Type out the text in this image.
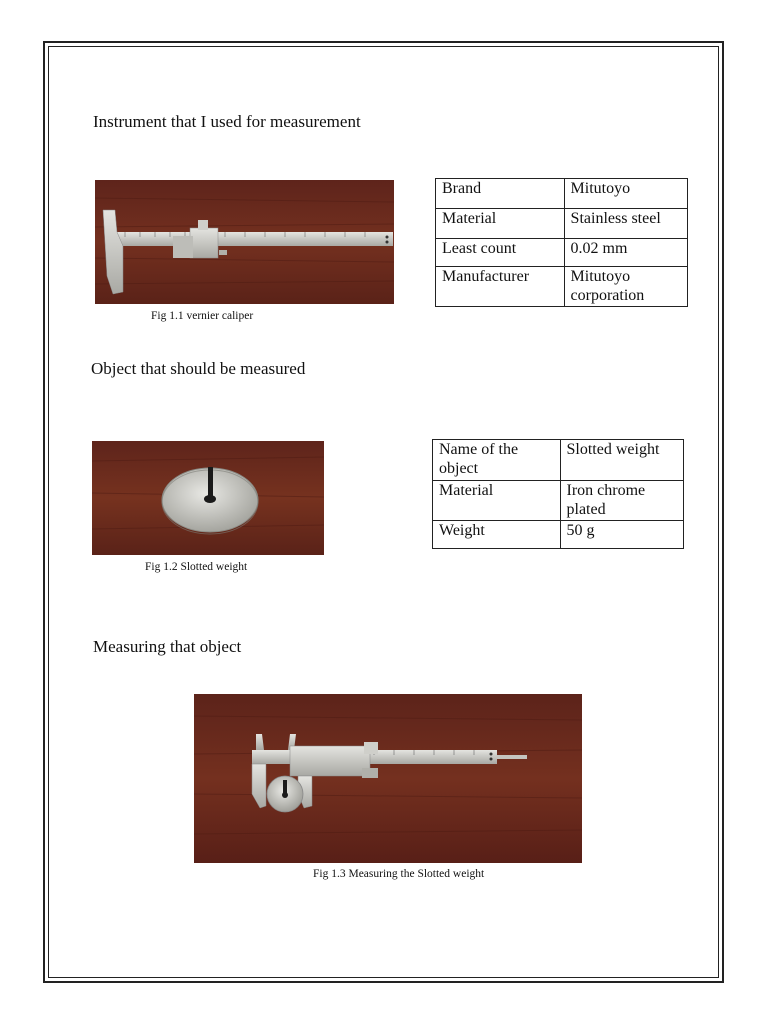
Instrument that I used for measurement
Fig 1.1 vernier caliper
Brand	Mitutoyo
Material	Stainless steel
Least count	0.02 mm
Manufacturer	Mitutoyo corporation
Object that should be measured
Fig 1.2 Slotted weight
Name of the object	Slotted weight
Material	Iron chrome plated
Weight	50 g
Measuring that object
Fig 1.3 Measuring the Slotted weight
